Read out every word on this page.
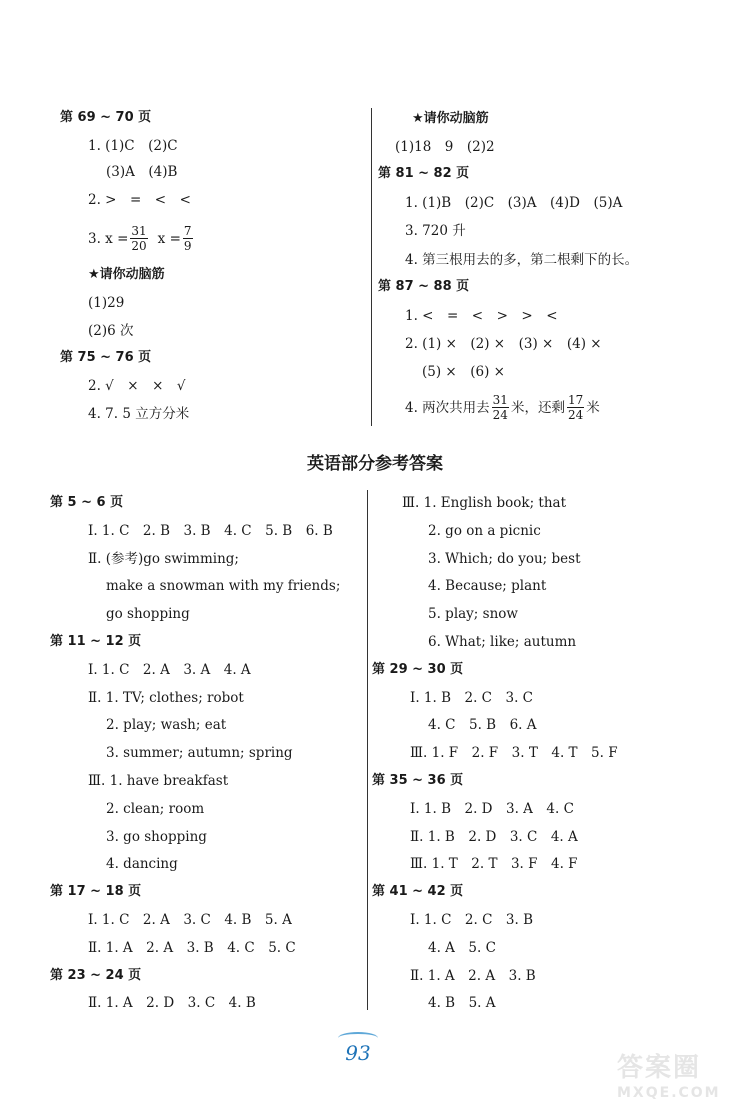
第 69 ~ 70 页
1. (1)C　(2)C
(3)A　(4)B
2. >　=　<　<
3. $x = \frac{31}{20}$ $x = \frac{7}{9}$
★请你动脑筋
(1)29
(2)6 次
第 75 ~ 76 页
2. √　×　×　√
4. 7. 5 立方分米
★请你动脑筋
(1)18　9　(2)2
第 81 ~ 82 页
1. (1)B　(2)C　(3)A　(4)D　(5)A
3. 720 升
4. 第三根用去的多，第二根剩下的长。
第 87 ~ 88 页
1. <　=　<　>　>　<
2. (1) ×　(2) ×　(3) ×　(4) ×
(5) ×　(6) ×
4. 两次共用去 $\frac{31}{24}$ 米，还剩 $\frac{17}{24}$ 米
英语部分参考答案
第 5 ~ 6 页
Ⅰ. 1. C　2. B　3. B　4. C　5. B　6. B
Ⅱ. (参考)go swimming;
make a snowman with my friends;
go shopping
第 11 ~ 12 页
Ⅰ. 1. C　2. A　3. A　4. A
Ⅱ. 1. TV; clothes; robot
2. play; wash; eat
3. summer; autumn; spring
Ⅲ. 1. have breakfast
2. clean; room
3. go shopping
4. dancing
第 17 ~ 18 页
Ⅰ. 1. C　2. A　3. C　4. B　5. A
Ⅱ. 1. A　2. A　3. B　4. C　5. C
第 23 ~ 24 页
Ⅱ. 1. A　2. D　3. C　4. B
Ⅲ. 1. English book; that
2. go on a picnic
3. Which; do you; best
4. Because; plant
5. play; snow
6. What; like; autumn
第 29 ~ 30 页
Ⅰ. 1. B　2. C　3. C
4. C　5. B　6. A
Ⅲ. 1. F　2. F　3. T　4. T　5. F
第 35 ~ 36 页
Ⅰ. 1. B　2. D　3. A　4. C
Ⅱ. 1. B　2. D　3. C　4. A
Ⅲ. 1. T　2. T　3. F　4. F
第 41 ~ 42 页
Ⅰ. 1. C　2. C　3. B
4. A　5. C
Ⅱ. 1. A　2. A　3. B
4. B　5. A
93	答案圈
MXQE.COM
